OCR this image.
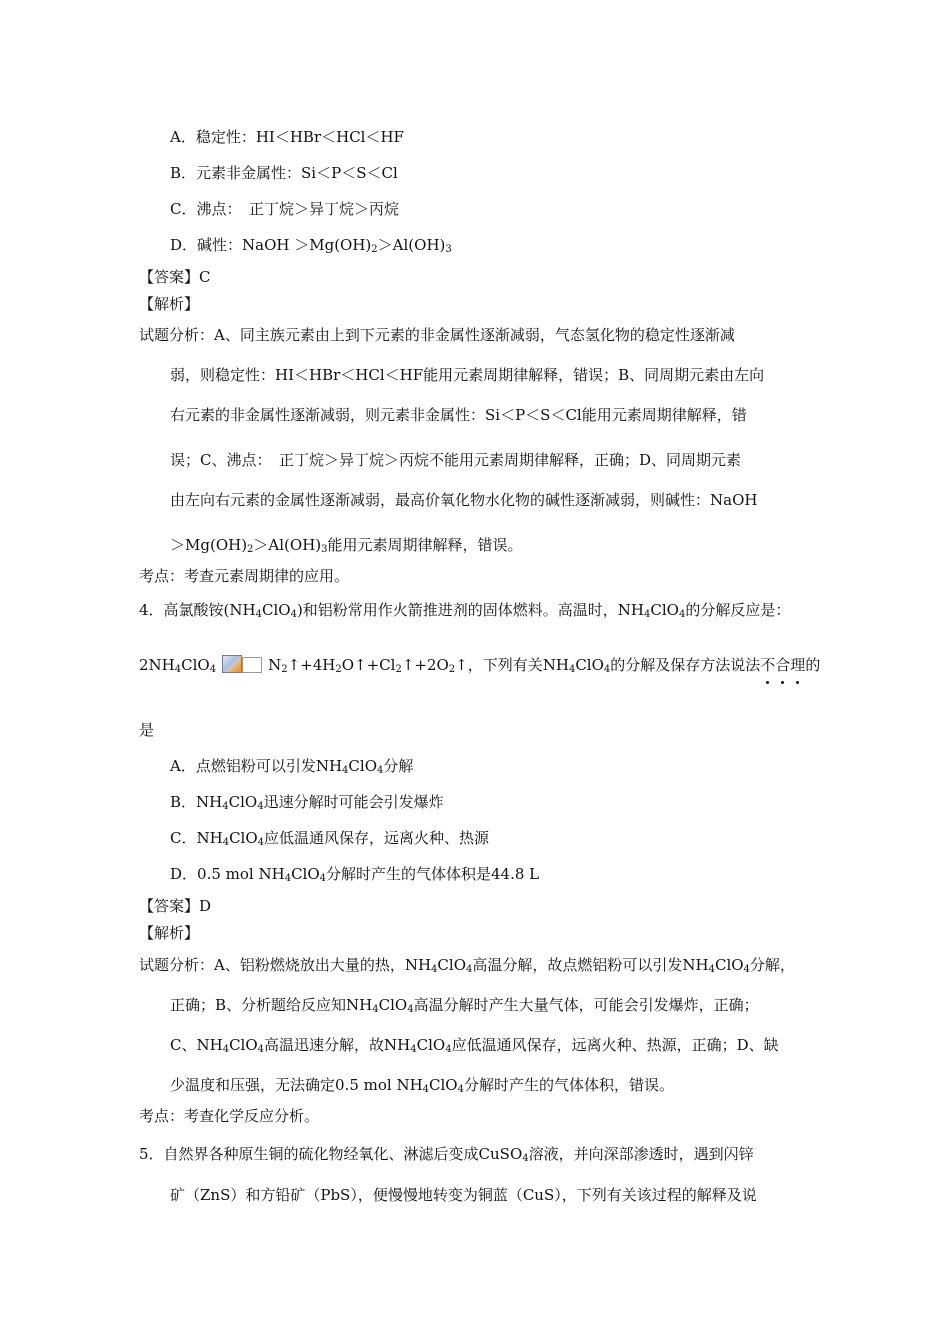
A．稳定性：HI＜HBr＜HCl＜HF
B．元素非金属性：Si＜P＜S＜Cl
C．沸点：　正丁烷＞异丁烷＞丙烷
D．碱性：NaOH $>Mg(OH)_2>Al(OH)_3$
【答案】C
【解析】
试题分析：A、同主族元素由上到下元素的非金属性逐渐减弱，气态氢化物的稳定性逐渐减
弱，则稳定性：HI＜HBr＜HCl＜HF能用元素周期律解释，错误；B、同周期元素由左向
右元素的非金属性逐渐减弱，则元素非金属性：Si＜P＜S＜Cl能用元素周期律解释，错
误；C、沸点：　正丁烷＞异丁烷＞丙烷不能用元素周期律解释，正确；D、同周期元素
由左向右元素的金属性逐渐减弱，最高价氧化物水化物的碱性逐渐减弱，则碱性：NaOH
$>Mg(OH)_2>Al(OH)_3$能用元素周期律解释，错误。
考点：考查元素周期律的应用。
4．高氯酸铵$(NH_4ClO_4)$和铝粉常用作火箭推进剂的固体燃料。高温时，$NH_4ClO_4$的分解反应是：
$2NH_4ClO_4$	$N_2↑+4H_2O↑+Cl_2↑+2O_2↑$，下列有关$NH_4ClO_4$的分解及保存方法说法不合理
的
是
A．点燃铝粉可以引发$NH_4ClO_4$分解
B．$NH_4ClO_4$迅速分解时可能会引发爆炸
C．$NH_4ClO_4$应低温通风保存，远离火种、热源
D．0.5 mol $NH_4ClO_4$分解时产生的气体体积是44.8 L
【答案】D
【解析】
试题分析：A、铝粉燃烧放出大量的热，$NH_4ClO_4$高温分解，故点燃铝粉可以引发$NH_4ClO_4$分解，
正确；B、分析题给反应知$NH_4ClO_4$高温分解时产生大量气体，可能会引发爆炸，正确；
C、$NH_4ClO_4$高温迅速分解，故$NH_4ClO_4$应低温通风保存，远离火种、热源，正确；D、缺
少温度和压强，无法确定0.5 mol $NH_4ClO_4$分解时产生的气体体积，错误。
考点：考查化学反应分析。
5．自然界各种原生铜的硫化物经氧化、淋滤后变成CuSO$_4$溶液，并向深部渗透时，遇到闪锌
矿（ZnS）和方铅矿（PbS），便慢慢地转变为铜蓝（CuS），下列有关该过程的解释及说
